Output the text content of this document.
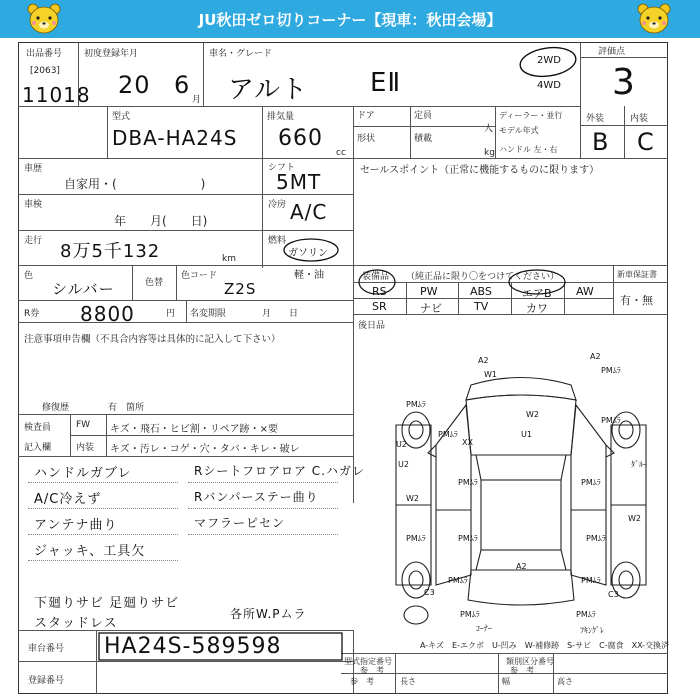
JU秋田ゼロ切りコーナー【現車：秋田会場】
出品番号
[2063]
11018
初度登録年月
20 6
月
車名・グレード
アルト EⅡ
2WD
4WD
評価点
3
型式
DBA-HA24S
排気量
660
cc
ドア
形状
定員
積載
人
kg
ディーラー・並行
モデル年式
ハンドル 左・右
外装	内装
B C
車歴
自家用・(　　　　　　　)
車検
年　　月(　　日)
走行 8万5千132	km
シフト
5MT
冷房 A/C
燃料
ガソリン
軽・油
色
シルバー	色替
色コード
Z2S
R券 8800	円 名変期限	月　　日
注意事項申告欄（不具合内容等は具体的に記入して下さい）
修復歴	有 箇所
検査員
記入欄
FW
内装
キズ・飛石・ヒビ割・リペア跡・×要
キズ・汚レ・コゲ・穴・タバ・キレ・破レ
ハンドルガブレ
A/C冷えず
アンテナ曲り
ジャッキ、工具欠
下廻りサビ 足廻りサビ
スタッドレス
Rシートフロアロア C.ハガレ
Rバンパーステー曲り
マフラーピセン
各所W.Pムラ
セールスポイント（正常に機能するものに限ります）
装備品 （純正品に限り〇をつけてください）	新車保証書
有・無
RS	PW	ABS	エアB AW
SR	ナビ	TV	カワ
後日品
A2	A2
W1
U2
PMﾑﾗ
W2
U1
XX
U2
PMﾑﾗ
PMﾑﾗ
PMﾑﾗ
W2
PMﾑﾗ	PMﾑﾗ
PMﾑﾗ
W2
ﾀﾞﾙｰ
PMﾑﾗ
PMﾑﾗ
A2
PMﾑﾗ	PMﾑﾗ
C3	C3
PMﾑﾗ	PMﾑﾗ
ﾌｷﾝｸﾞﾚ
ｺｰﾅｰ
A-キズ　E-エクボ　U-凹み　W-補修跡　S-サビ　C-腐食　XX-交換済
車台番号 HA24S-589598
登録番号
型式指定番号	類別区分番号
参　考	参　考
参　考	長さ	幅	高さ
